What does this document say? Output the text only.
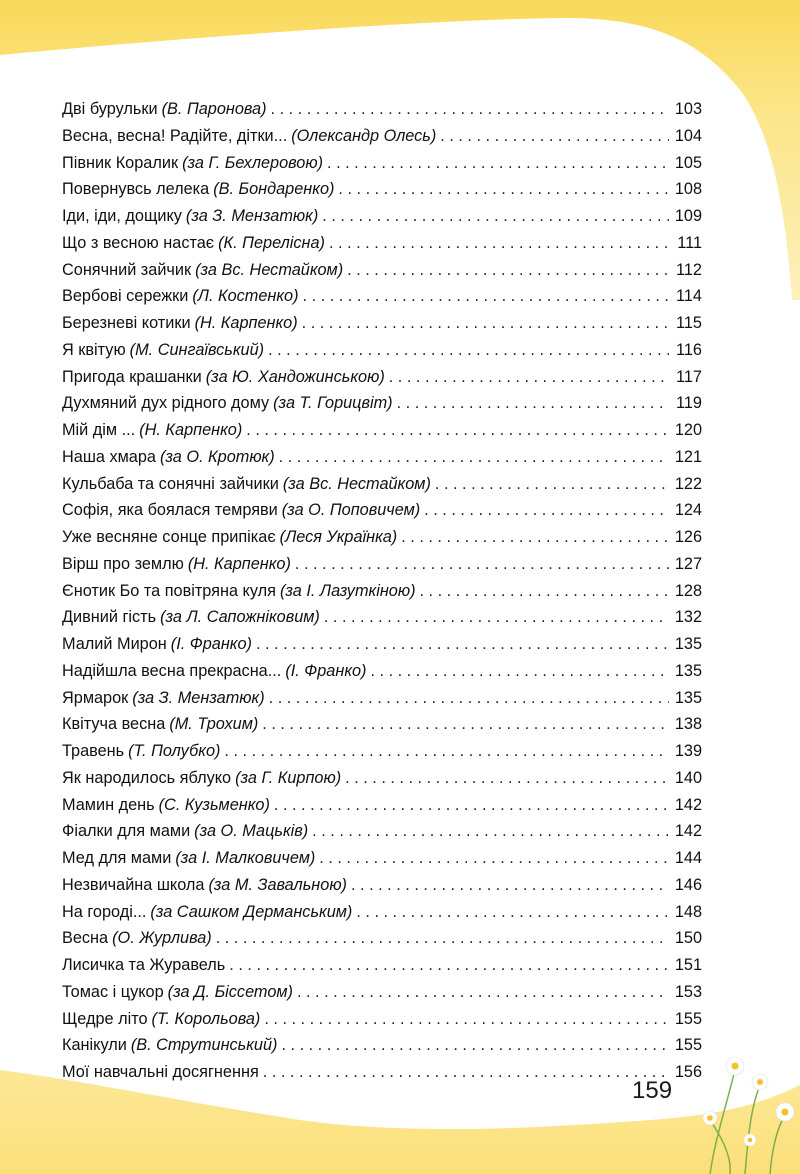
Дві бурульки (В. Паронова) . . .	103
Весна, весна! Радійте, дітки... (Олександр Олесь) . . .	104
Півник Коралик (за Г. Бехлеровою) . . .	105
Повернувсь лелека (В. Бондаренко) . . .	108
Іди, іди, дощику (за З. Мензатюк) . . .	109
Що з весною настає (К. Перелісна) . . .	111
Сонячний зайчик (за Вс. Нестайком) . . .	112
Вербові сережки (Л. Костенко) . . .	114
Березневі котики (Н. Карпенко) . . .	115
Я квітую (М. Сингаївський) . . .	116
Пригода крашанки (за Ю. Хандожинською) . . .	117
Духмяний дух рідного дому (за Т. Горицвіт) . . .	119
Мій дім ... (Н. Карпенко) . . .	120
Наша хмара (за О. Кротюк) . . .	121
Кульбаба та сонячні зайчики (за Вс. Нестайком) . . .	122
Софія, яка боялася темряви (за О. Поповичем) . . .	124
Уже весняне сонце припікає (Леся Українка) . . .	126
Вірш про землю (Н. Карпенко) . . .	127
Єнотик Бо та повітряна куля (за І. Лазуткіною) . . .	128
Дивний гість (за Л. Сапожніковим) . . .	132
Малий Мирон (І. Франко) . . .	135
Надійшла весна прекрасна... (І. Франко) . . .	135
Ярмарок (за З. Мензатюк) . . .	135
Квітуча весна (М. Трохим) . . .	138
Травень (Т. Полубко) . . .	139
Як народилось яблуко (за Г. Кирпою) . . .	140
Мамин день (С. Кузьменко) . . .	142
Фіалки для мами (за О. Мацьків) . . .	142
Мед для мами (за І. Малковичем) . . .	144
Незвичайна школа (за М. Завальною) . . .	146
На городі... (за Сашком Дерманським) . . .	148
Весна (О. Журлива) . . .	150
Лисичка та Журавель . . .	151
Томас і цукор (за Д. Біссетом) . . .	153
Щедре літо (Т. Корольова) . . .	155
Канікули (В. Струтинський) . . .	155
Мої навчальні досягнення . . .	156
159
